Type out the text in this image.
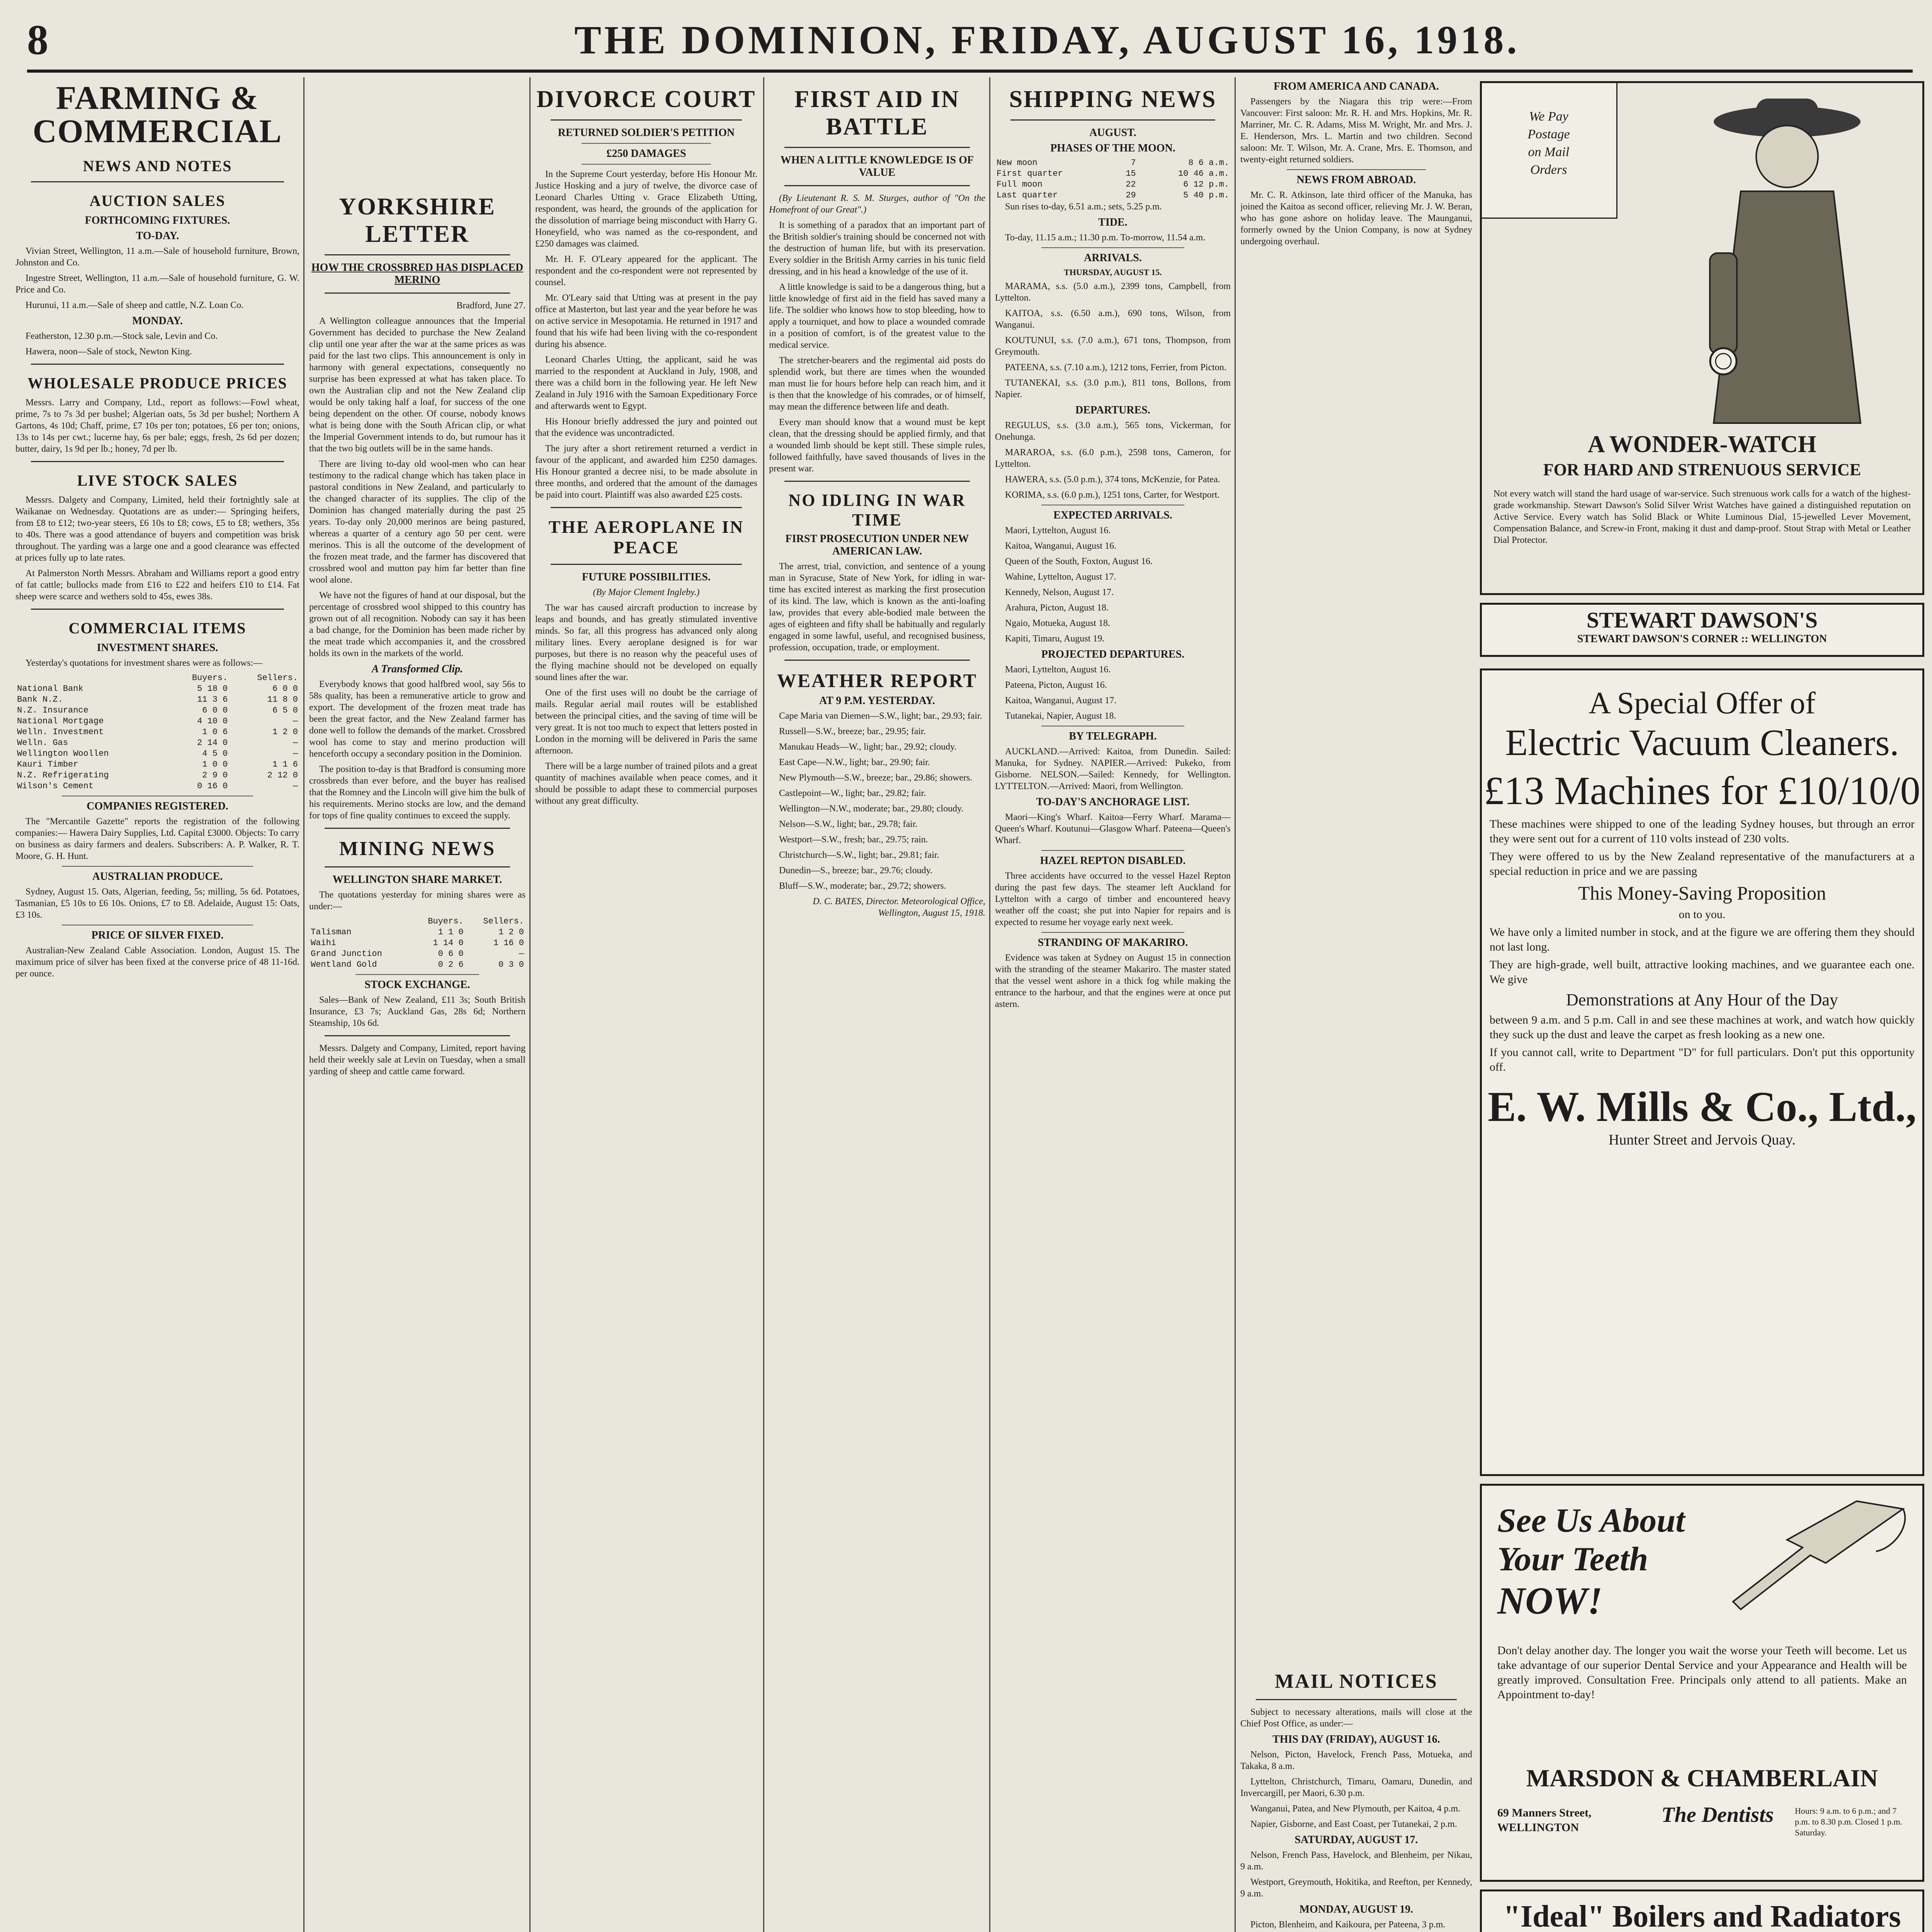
8	THE DOMINION, FRIDAY, AUGUST 16, 1918.
FARMING & COMMERCIAL
NEWS AND NOTES
AUCTION SALES
FORTHCOMING FIXTURES.
TO-DAY.
Vivian Street, Wellington, 11 a.m.—Sale of household furniture, Brown, Johnston and Co.
Ingestre Street, Wellington, 11 a.m.—Sale of household furniture, G. W. Price and Co.
Hurunui, 11 a.m.—Sale of sheep and cattle, N.Z. Loan Co.
MONDAY.
Featherston, 12.30 p.m.—Stock sale, Levin and Co.
Hawera, noon—Sale of stock, Newton King.
WHOLESALE PRODUCE PRICES
Messrs. Larry and Company, Ltd., report as follows:—Fowl wheat, prime, 7s to 7s 3d per bushel; Algerian oats, 5s 3d per bushel; Northern A Gartons, 4s 10d; Chaff, prime, £7 10s per ton; potatoes, £6 per ton; onions, 13s to 14s per cwt.; lucerne hay, 6s per bale; eggs, fresh, 2s 6d per dozen; butter, dairy, 1s 9d per lb.; honey, 7d per lb.
LIVE STOCK SALES
Messrs. Dalgety and Company, Limited, held their fortnightly sale at Waikanae on Wednesday. Quotations are as under:— Springing heifers, from £8 to £12; two-year steers, £6 10s to £8; cows, £5 to £8; wethers, 35s to 40s. There was a good attendance of buyers and competition was brisk throughout. The yarding was a large one and a good clearance was effected at prices fully up to late rates.
At Palmerston North Messrs. Abraham and Williams report a good entry of fat cattle; bullocks made from £16 to £22 and heifers £10 to £14. Fat sheep were scarce and wethers sold to 45s, ewes 38s.
COMMERCIAL ITEMS
INVESTMENT SHARES.
Yesterday's quotations for investment shares were as follows:—
	Buyers.	Sellers.
National Bank	5 18 0	6 0 0
Bank N.Z.	11 3 6	11 8 0
N.Z. Insurance	6 0 0	6 5 0
National Mortgage	4 10 0	—
Welln. Investment	1 0 6	1 2 0
Welln. Gas	2 14 0	—
Wellington Woollen	4 5 0	—
Kauri Timber	1 0 0	1 1 6
N.Z. Refrigerating	2 9 0	2 12 0
Wilson's Cement	0 16 0	—
COMPANIES REGISTERED.
The "Mercantile Gazette" reports the registration of the following companies:— Hawera Dairy Supplies, Ltd. Capital £3000. Objects: To carry on business as dairy farmers and dealers. Subscribers: A. P. Walker, R. T. Moore, G. H. Hunt.
AUSTRALIAN PRODUCE.
Sydney, August 15. Oats, Algerian, feeding, 5s; milling, 5s 6d. Potatoes, Tasmanian, £5 10s to £6 10s. Onions, £7 to £8. Adelaide, August 15: Oats, £3 10s.
PRICE OF SILVER FIXED.
Australian-New Zealand Cable Association. London, August 15. The maximum price of silver has been fixed at the converse price of 48 11-16d. per ounce.
YORKSHIRE LETTER
HOW THE CROSSBRED HAS DISPLACED MERINO
Bradford, June 27.
A Wellington colleague announces that the Imperial Government has decided to purchase the New Zealand clip until one year after the war at the same prices as was paid for the last two clips. This announcement is only in harmony with general expectations, consequently no surprise has been expressed at what has taken place. To own the Australian clip and not the New Zealand clip would be only taking half a loaf, for success of the one being dependent on the other. Of course, nobody knows what is being done with the South African clip, or what the Imperial Government intends to do, but rumour has it that the two big outlets will be in the same hands.
There are living to-day old wool-men who can hear testimony to the radical change which has taken place in pastoral conditions in New Zealand, and particularly to the changed character of its supplies. The clip of the Dominion has changed materially during the past 25 years. To-day only 20,000 merinos are being pastured, whereas a quarter of a century ago 50 per cent. were merinos. This is all the outcome of the development of the frozen meat trade, and the farmer has discovered that crossbred wool and mutton pay him far better than fine wool alone.
We have not the figures of hand at our disposal, but the percentage of crossbred wool shipped to this country has grown out of all recognition. Nobody can say it has been a bad change, for the Dominion has been made richer by the meat trade which accompanies it, and the crossbred holds its own in the markets of the world.
A Transformed Clip.
Everybody knows that good halfbred wool, say 56s to 58s quality, has been a remunerative article to grow and export. The development of the frozen meat trade has been the great factor, and the New Zealand farmer has done well to follow the demands of the market. Crossbred wool has come to stay and merino production will henceforth occupy a secondary position in the Dominion.
The position to-day is that Bradford is consuming more crossbreds than ever before, and the buyer has realised that the Romney and the Lincoln will give him the bulk of his requirements. Merino stocks are low, and the demand for tops of fine quality continues to exceed the supply.
MINING NEWS
WELLINGTON SHARE MARKET.
The quotations yesterday for mining shares were as under:—
	Buyers.	Sellers.
Talisman	1 1 0	1 2 0
Waihi	1 14 0	1 16 0
Grand Junction	0 6 0	—
Wentland Gold	0 2 6	0 3 0
STOCK EXCHANGE.
Sales—Bank of New Zealand, £11 3s; South British Insurance, £3 7s; Auckland Gas, 28s 6d; Northern Steamship, 10s 6d.
Messrs. Dalgety and Company, Limited, report having held their weekly sale at Levin on Tuesday, when a small yarding of sheep and cattle came forward.
DIVORCE COURT
RETURNED SOLDIER'S PETITION
£250 DAMAGES
In the Supreme Court yesterday, before His Honour Mr. Justice Hosking and a jury of twelve, the divorce case of Leonard Charles Utting v. Grace Elizabeth Utting, respondent, was heard, the grounds of the application for the dissolution of marriage being misconduct with Harry G. Honeyfield, who was named as the co-respondent, and £250 damages was claimed.
Mr. H. F. O'Leary appeared for the applicant. The respondent and the co-respondent were not represented by counsel.
Mr. O'Leary said that Utting was at present in the pay office at Masterton, but last year and the year before he was on active service in Mesopotamia. He returned in 1917 and found that his wife had been living with the co-respondent during his absence.
Leonard Charles Utting, the applicant, said he was married to the respondent at Auckland in July, 1908, and there was a child born in the following year. He left New Zealand in July 1916 with the Samoan Expeditionary Force and afterwards went to Egypt.
His Honour briefly addressed the jury and pointed out that the evidence was uncontradicted.
The jury after a short retirement returned a verdict in favour of the applicant, and awarded him £250 damages. His Honour granted a decree nisi, to be made absolute in three months, and ordered that the amount of the damages be paid into court. Plaintiff was also awarded £25 costs.
THE AEROPLANE IN PEACE
FUTURE POSSIBILITIES.
(By Major Clement Ingleby.)
The war has caused aircraft production to increase by leaps and bounds, and has greatly stimulated inventive minds. So far, all this progress has advanced only along military lines. Every aeroplane designed is for war purposes, but there is no reason why the peaceful uses of the flying machine should not be developed on equally sound lines after the war.
One of the first uses will no doubt be the carriage of mails. Regular aerial mail routes will be established between the principal cities, and the saving of time will be very great. It is not too much to expect that letters posted in London in the morning will be delivered in Paris the same afternoon.
There will be a large number of trained pilots and a great quantity of machines available when peace comes, and it should be possible to adapt these to commercial purposes without any great difficulty.
FIRST AID IN BATTLE
WHEN A LITTLE KNOWLEDGE IS OF VALUE
(By Lieutenant R. S. M. Sturges, author of "On the Homefront of our Great".)
It is something of a paradox that an important part of the British soldier's training should be concerned not with the destruction of human life, but with its preservation. Every soldier in the British Army carries in his tunic field dressing, and in his head a knowledge of the use of it.
A little knowledge is said to be a dangerous thing, but a little knowledge of first aid in the field has saved many a life. The soldier who knows how to stop bleeding, how to apply a tourniquet, and how to place a wounded comrade in a position of comfort, is of the greatest value to the medical service.
The stretcher-bearers and the regimental aid posts do splendid work, but there are times when the wounded man must lie for hours before help can reach him, and it is then that the knowledge of his comrades, or of himself, may mean the difference between life and death.
Every man should know that a wound must be kept clean, that the dressing should be applied firmly, and that a wounded limb should be kept still. These simple rules, followed faithfully, have saved thousands of lives in the present war.
NO IDLING IN WAR TIME
FIRST PROSECUTION UNDER NEW AMERICAN LAW.
The arrest, trial, conviction, and sentence of a young man in Syracuse, State of New York, for idling in war-time has excited interest as marking the first prosecution of its kind. The law, which is known as the anti-loafing law, provides that every able-bodied male between the ages of eighteen and fifty shall be habitually and regularly engaged in some lawful, useful, and recognised business, profession, occupation, trade, or employment.
WEATHER REPORT
AT 9 P.M. YESTERDAY.
Cape Maria van Diemen—S.W., light; bar., 29.93; fair.
Russell—S.W., breeze; bar., 29.95; fair.
Manukau Heads—W., light; bar., 29.92; cloudy.
East Cape—N.W., light; bar., 29.90; fair.
New Plymouth—S.W., breeze; bar., 29.86; showers.
Castlepoint—W., light; bar., 29.82; fair.
Wellington—N.W., moderate; bar., 29.80; cloudy.
Nelson—S.W., light; bar., 29.78; fair.
Westport—S.W., fresh; bar., 29.75; rain.
Christchurch—S.W., light; bar., 29.81; fair.
Dunedin—S., breeze; bar., 29.76; cloudy.
Bluff—S.W., moderate; bar., 29.72; showers.
D. C. BATES, Director. Meteorological Office, Wellington, August 15, 1918.
SHIPPING NEWS
AUGUST.
PHASES OF THE MOON.
New moon	7	8 6 a.m.
First quarter	15	10 46 a.m.
Full moon	22	6 12 p.m.
Last quarter	29	5 40 p.m.
Sun rises to-day, 6.51 a.m.; sets, 5.25 p.m.
TIDE.
To-day, 11.15 a.m.; 11.30 p.m. To-morrow, 11.54 a.m.
ARRIVALS.
THURSDAY, AUGUST 15.
MARAMA, s.s. (5.0 a.m.), 2399 tons, Campbell, from Lyttelton.
KAITOA, s.s. (6.50 a.m.), 690 tons, Wilson, from Wanganui.
KOUTUNUI, s.s. (7.0 a.m.), 671 tons, Thompson, from Greymouth.
PATEENA, s.s. (7.10 a.m.), 1212 tons, Ferrier, from Picton.
TUTANEKAI, s.s. (3.0 p.m.), 811 tons, Bollons, from Napier.
DEPARTURES.
REGULUS, s.s. (3.0 a.m.), 565 tons, Vickerman, for Onehunga.
MARAROA, s.s. (6.0 p.m.), 2598 tons, Cameron, for Lyttelton.
HAWERA, s.s. (5.0 p.m.), 374 tons, McKenzie, for Patea.
KORIMA, s.s. (6.0 p.m.), 1251 tons, Carter, for Westport.
EXPECTED ARRIVALS.
Maori, Lyttelton, August 16.
Kaitoa, Wanganui, August 16.
Queen of the South, Foxton, August 16.
Wahine, Lyttelton, August 17.
Kennedy, Nelson, August 17.
Arahura, Picton, August 18.
Ngaio, Motueka, August 18.
Kapiti, Timaru, August 19.
PROJECTED DEPARTURES.
Maori, Lyttelton, August 16.
Pateena, Picton, August 16.
Kaitoa, Wanganui, August 17.
Tutanekai, Napier, August 18.
BY TELEGRAPH.
AUCKLAND.—Arrived: Kaitoa, from Dunedin. Sailed: Manuka, for Sydney. NAPIER.—Arrived: Pukeko, from Gisborne. NELSON.—Sailed: Kennedy, for Wellington. LYTTELTON.—Arrived: Maori, from Wellington.
TO-DAY'S ANCHORAGE LIST.
Maori—King's Wharf. Kaitoa—Ferry Wharf. Marama—Queen's Wharf. Koutunui—Glasgow Wharf. Pateena—Queen's Wharf.
HAZEL REPTON DISABLED.
Three accidents have occurred to the vessel Hazel Repton during the past few days. The steamer left Auckland for Lyttelton with a cargo of timber and encountered heavy weather off the coast; she put into Napier for repairs and is expected to resume her voyage early next week.
STRANDING OF MAKARIRO.
Evidence was taken at Sydney on August 15 in connection with the stranding of the steamer Makariro. The master stated that the vessel went ashore in a thick fog while making the entrance to the harbour, and that the engines were at once put astern.
FROM AMERICA AND CANADA.
Passengers by the Niagara this trip were:—From Vancouver: First saloon: Mr. R. H. and Mrs. Hopkins, Mr. R. Marriner, Mr. C. R. Adams, Miss M. Wright, Mr. and Mrs. J. E. Henderson, Mrs. L. Martin and two children. Second saloon: Mr. T. Wilson, Mr. A. Crane, Mrs. E. Thomson, and twenty-eight returned soldiers.
NEWS FROM ABROAD.
Mr. C. R. Atkinson, late third officer of the Manuka, has joined the Kaitoa as second officer, relieving Mr. J. W. Beran, who has gone ashore on holiday leave. The Maunganui, formerly owned by the Union Company, is now at Sydney undergoing overhaul.
MAIL NOTICES
Subject to necessary alterations, mails will close at the Chief Post Office, as under:—
THIS DAY (FRIDAY), AUGUST 16.
Nelson, Picton, Havelock, French Pass, Motueka, and Takaka, 8 a.m.
Lyttelton, Christchurch, Timaru, Oamaru, Dunedin, and Invercargill, per Maori, 6.30 p.m.
Wanganui, Patea, and New Plymouth, per Kaitoa, 4 p.m.
Napier, Gisborne, and East Coast, per Tutanekai, 2 p.m.
SATURDAY, AUGUST 17.
Nelson, French Pass, Havelock, and Blenheim, per Nikau, 9 a.m.
Westport, Greymouth, Hokitika, and Reefton, per Kennedy, 9 a.m.
MONDAY, AUGUST 19.
Picton, Blenheim, and Kaikoura, per Pateena, 3 p.m.
We Pay
Postage
on Mail
Orders
A WONDER-WATCH
FOR HARD AND STRENUOUS SERVICE
Not every watch will stand the hard usage of war-service. Such strenuous work calls for a watch of the highest-grade workmanship. Stewart Dawson's Solid Silver Wrist Watches have gained a distinguished reputation on Active Service. Every watch has Solid Black or White Luminous Dial, 15-jewelled Lever Movement, Compensation Balance, and Screw-in Front, making it dust and damp-proof. Stout Strap with Metal or Leather Dial Protector.
STEWART DAWSON'S
STEWART DAWSON'S CORNER :: WELLINGTON
A Special Offer of
Electric Vacuum Cleaners.
£13 Machines for £10/10/0
These machines were shipped to one of the leading Sydney houses, but through an error they were sent out for a current of 110 volts instead of 230 volts.
They were offered to us by the New Zealand representative of the manufacturers at a special reduction in price and we are passing
This Money-Saving Proposition
on to you.
We have only a limited number in stock, and at the figure we are offering them they should not last long.
They are high-grade, well built, attractive looking machines, and we guarantee each one. We give
Demonstrations at Any Hour of the Day
between 9 a.m. and 5 p.m. Call in and see these machines at work, and watch how quickly they suck up the dust and leave the carpet as fresh looking as a new one.
If you cannot call, write to Department "D" for full particulars. Don't put this opportunity off.
E. W. Mills & Co., Ltd.,
Hunter Street and Jervois Quay.
See Us About
Your Teeth
NOW!
Don't delay another day. The longer you wait the worse your Teeth will become. Let us take advantage of our superior Dental Service and your Appearance and Health will be greatly improved. Consultation Free. Principals only attend to all patients. Make an Appointment to-day!
MARSDON & CHAMBERLAIN
69 Manners Street, WELLINGTON
The Dentists	Hours: 9 a.m. to 6 p.m.; and 7 p.m. to 8.30 p.m. Closed 1 p.m. Saturday.
"Ideal" Boilers and Radiators
